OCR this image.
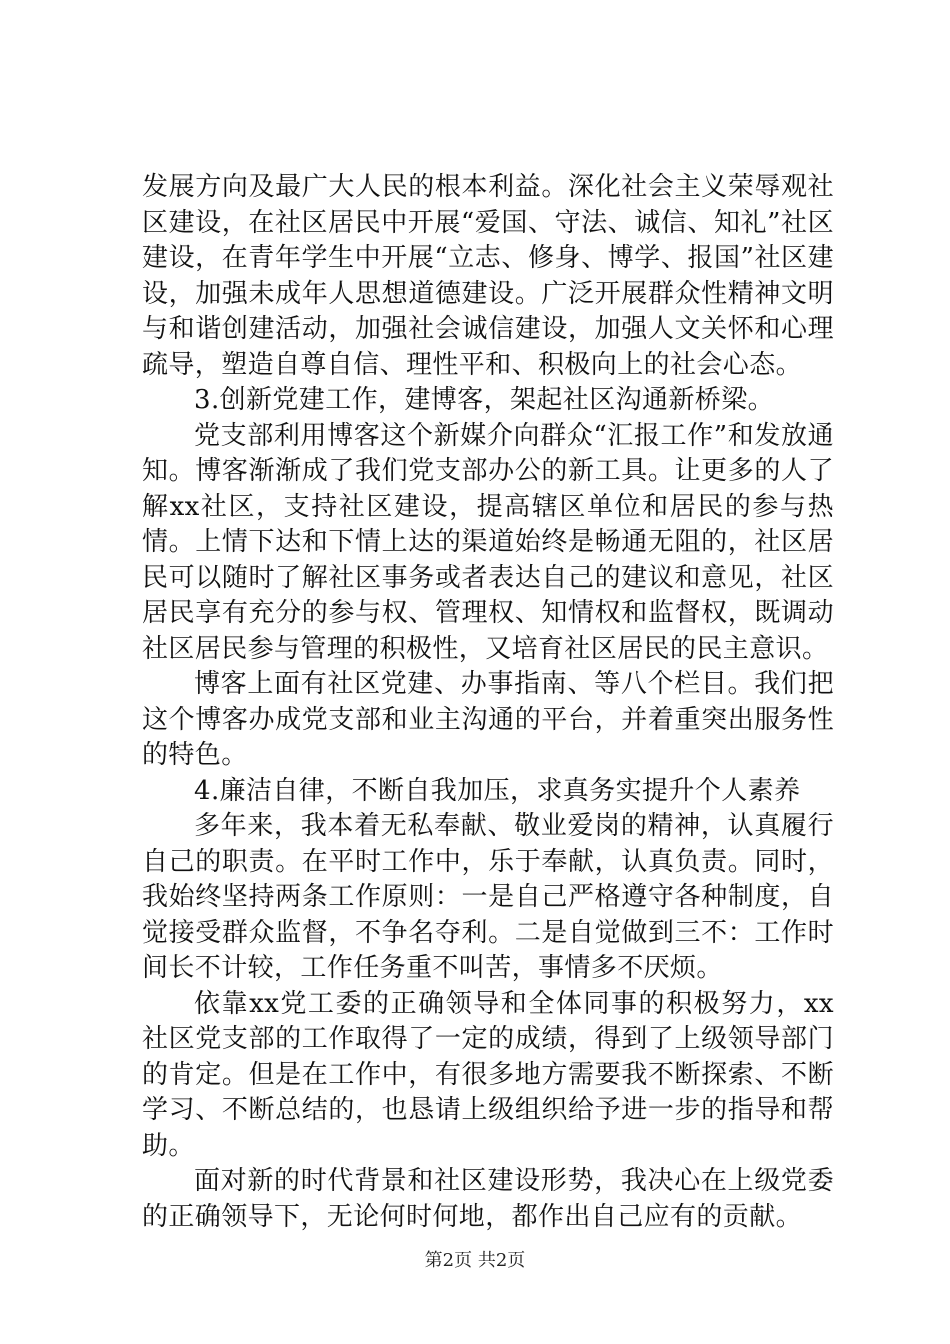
发展方向及最广大人民的根本利益。深化社会主义荣辱观社区建设，在社区居民中开展“爱国、守法、诚信、知礼”社区建设，在青年学生中开展“立志、修身、博学、报国”社区建设，加强未成年人思想道德建设。广泛开展群众性精神文明与和谐创建活动，加强社会诚信建设，加强人文关怀和心理疏导，塑造自尊自信、理性平和、积极向上的社会心态。

3.创新党建工作，建博客，架起社区沟通新桥梁。

党支部利用博客这个新媒介向群众“汇报工作”和发放通知。博客渐渐成了我们党支部办公的新工具。让更多的人了解xx社区，支持社区建设，提高辖区单位和居民的参与热情。上情下达和下情上达的渠道始终是畅通无阻的，社区居民可以随时了解社区事务或者表达自己的建议和意见，社区居民享有充分的参与权、管理权、知情权和监督权，既调动社区居民参与管理的积极性，又培育社区居民的民主意识。

博客上面有社区党建、办事指南、等八个栏目。我们把这个博客办成党支部和业主沟通的平台，并着重突出服务性的特色。

4.廉洁自律，不断自我加压，求真务实提升个人素养

多年来，我本着无私奉献、敬业爱岗的精神，认真履行自己的职责。在平时工作中，乐于奉献，认真负责。同时，我始终坚持两条工作原则：一是自己严格遵守各种制度，自觉接受群众监督，不争名夺利。二是自觉做到三不：工作时间长不计较，工作任务重不叫苦，事情多不厌烦。

依靠xx党工委的正确领导和全体同事的积极努力，xx社区党支部的工作取得了一定的成绩，得到了上级领导部门的肯定。但是在工作中，有很多地方需要我不断探索、不断学习、不断总结的，也恳请上级组织给予进一步的指导和帮助。

面对新的时代背景和社区建设形势，我决心在上级党委的正确领导下，无论何时何地，都作出自己应有的贡献。

第2页 共2页
